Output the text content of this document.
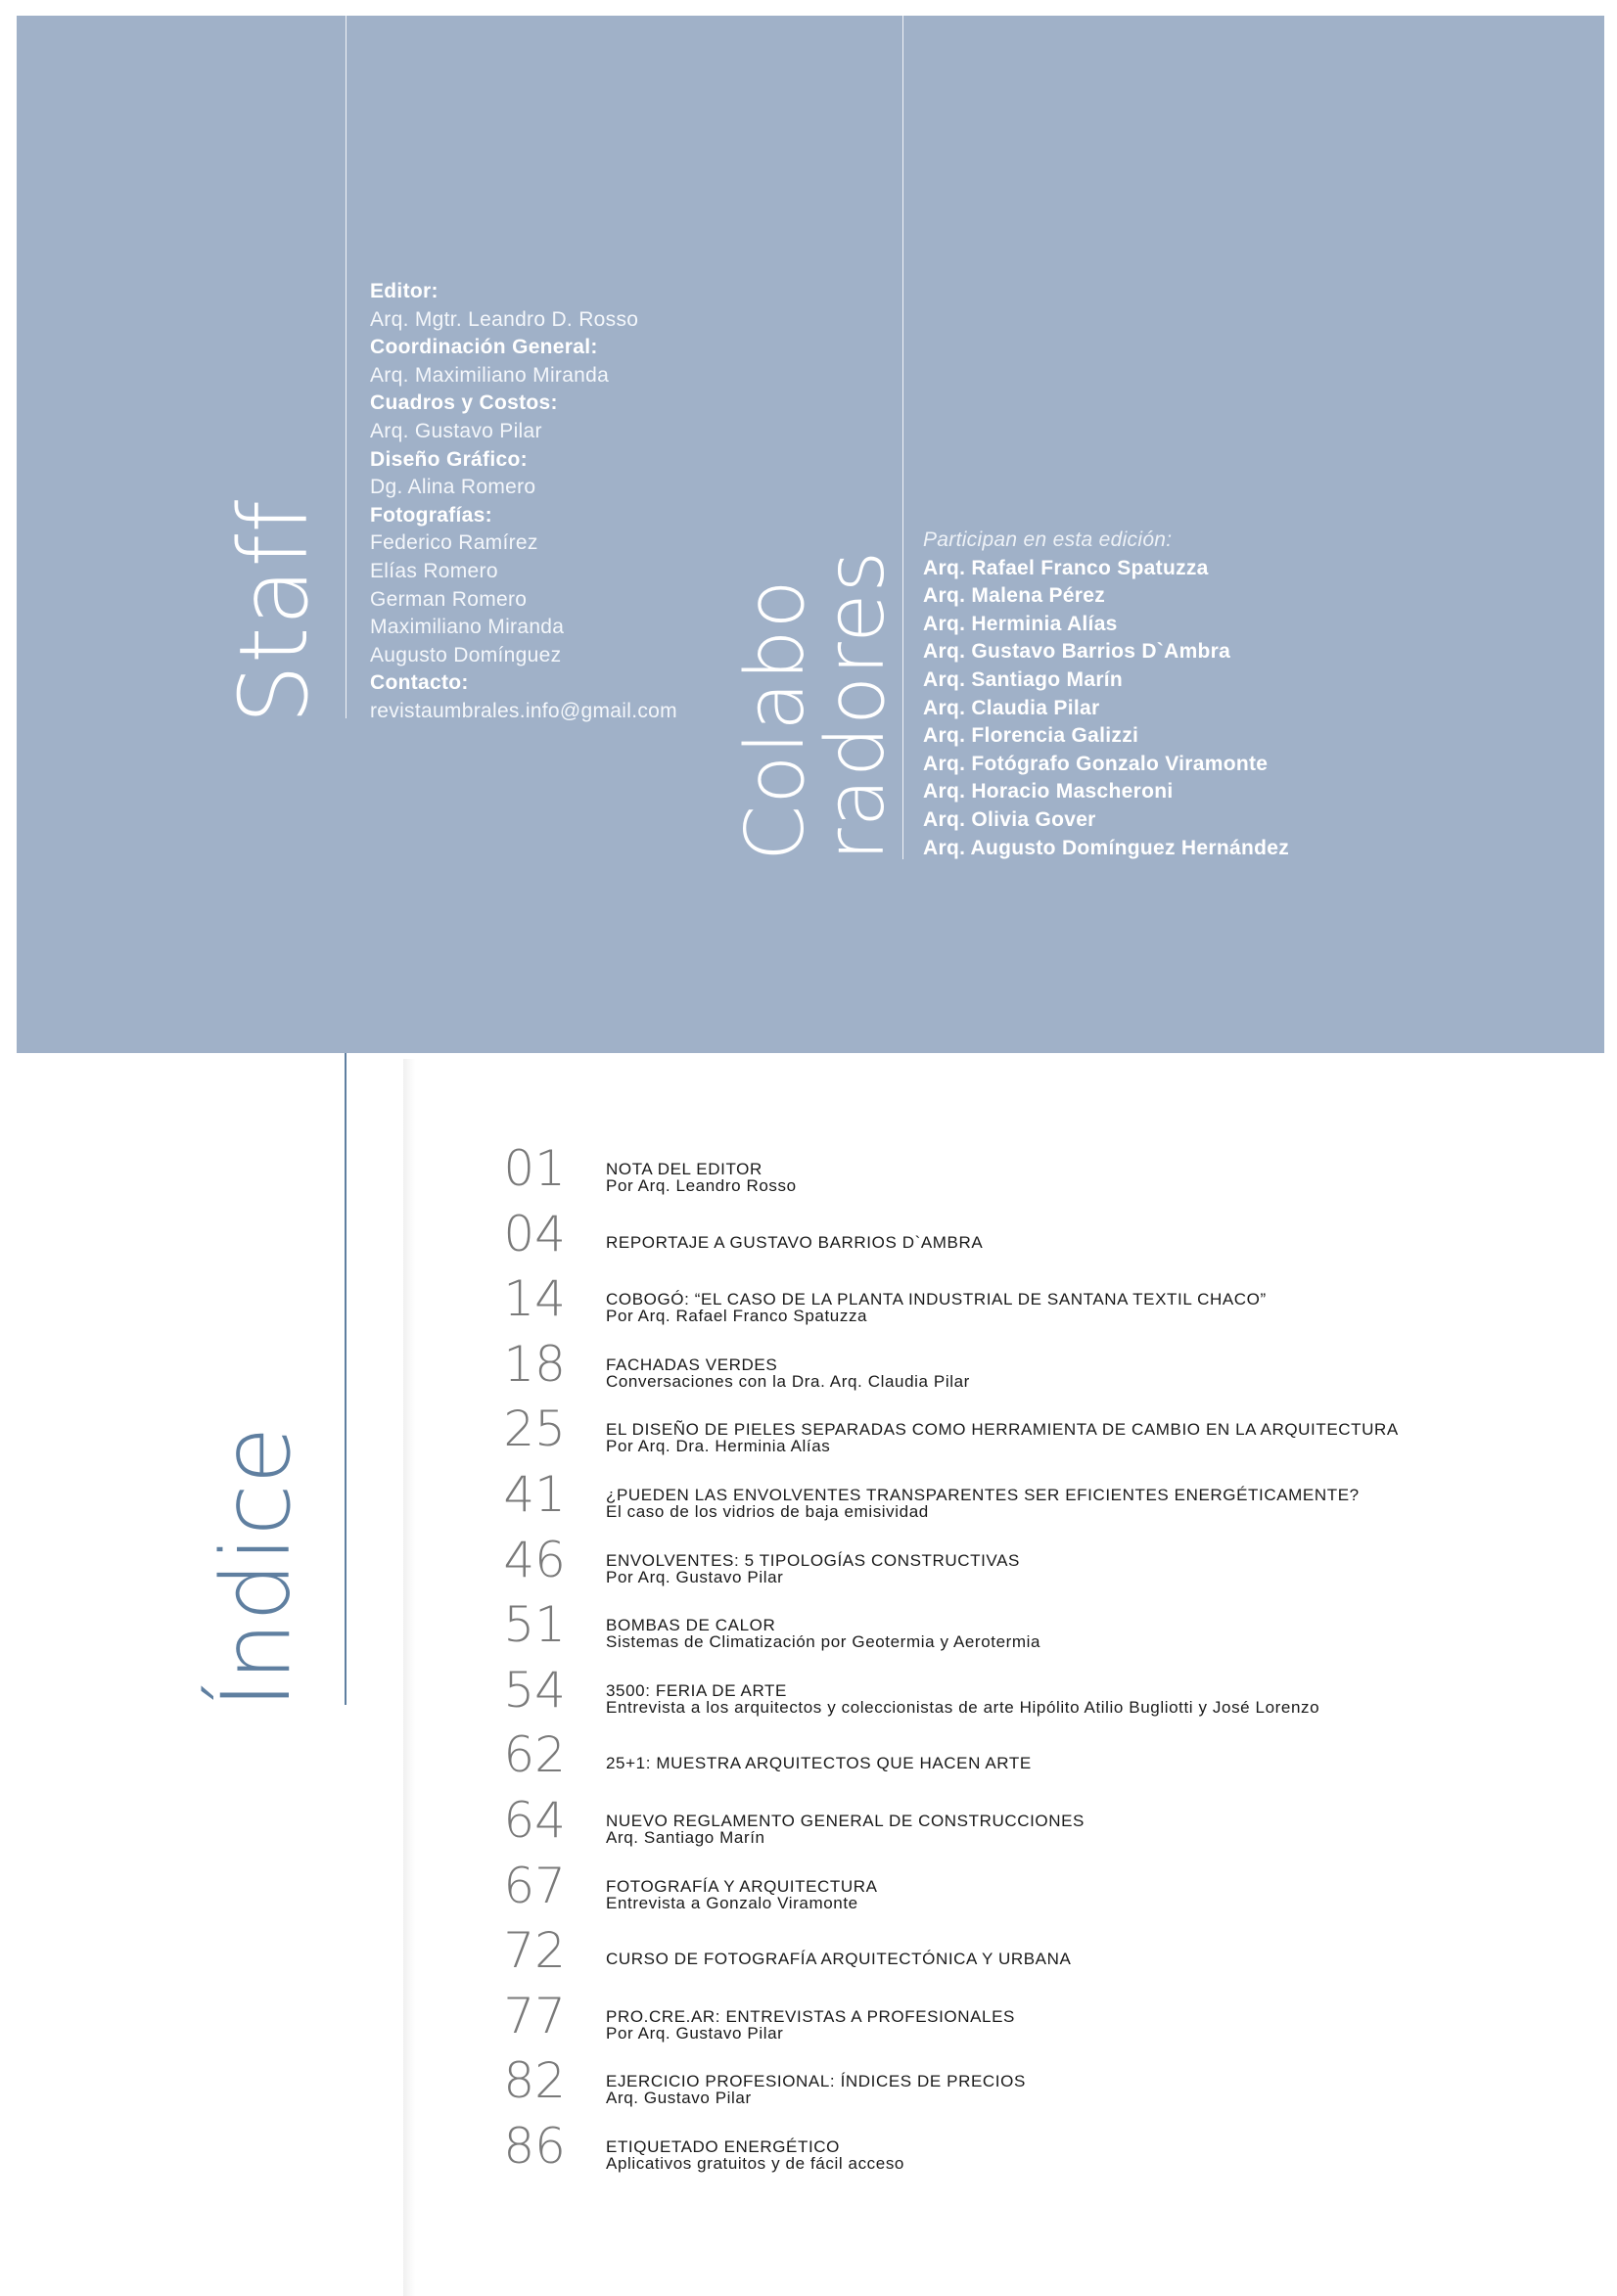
Staff
Editor:
Arq. Mgtr. Leandro D. Rosso
Coordinación General:
Arq. Maximiliano Miranda
Cuadros y Costos:
Arq. Gustavo Pilar
Diseño Gráfico:
Dg. Alina Romero
Fotografías:
Federico Ramírez
Elías Romero
German Romero
Maximiliano Miranda
Augusto Domínguez
Contacto:
revistaumbrales.info@gmail.com Colabo
radores
Participan en esta edición:
Arq. Rafael Franco Spatuzza
Arq. Malena Pérez
Arq. Herminia Alías
Arq. Gustavo Barrios D`Ambra
Arq. Santiago Marín
Arq. Claudia Pilar
Arq. Florencia Galizzi
Arq. Fotógrafo Gonzalo Viramonte
Arq. Horacio Mascheroni
Arq. Olivia Gover
Arq. Augusto Domínguez Hernández
Índice
01 NOTA DEL EDITOR
Por Arq. Leandro Rosso
04 REPORTAJE A GUSTAVO BARRIOS D`AMBRA
14 COBOGÓ: “EL CASO DE LA PLANTA INDUSTRIAL DE SANTANA TEXTIL CHACO”
Por Arq. Rafael Franco Spatuzza
18 FACHADAS VERDES
Conversaciones con la Dra. Arq. Claudia Pilar
25 EL DISEÑO DE PIELES SEPARADAS COMO HERRAMIENTA DE CAMBIO EN LA ARQUITECTURA
Por Arq. Dra. Herminia Alías
41 ¿PUEDEN LAS ENVOLVENTES TRANSPARENTES SER EFICIENTES ENERGÉTICAMENTE?
El caso de los vidrios de baja emisividad
46 ENVOLVENTES: 5 TIPOLOGÍAS CONSTRUCTIVAS
Por Arq. Gustavo Pilar
51 BOMBAS DE CALOR
Sistemas de Climatización por Geotermia y Aerotermia
54 3500: FERIA DE ARTE
Entrevista a los arquitectos y coleccionistas de arte Hipólito Atilio Bugliotti y José Lorenzo
62 25+1: MUESTRA ARQUITECTOS QUE HACEN ARTE
64 NUEVO REGLAMENTO GENERAL DE CONSTRUCCIONES
Arq. Santiago Marín
67 FOTOGRAFÍA Y ARQUITECTURA
Entrevista a Gonzalo Viramonte
72 CURSO DE FOTOGRAFÍA ARQUITECTÓNICA Y URBANA
77 PRO.CRE.AR: ENTREVISTAS A PROFESIONALES
Por Arq. Gustavo Pilar
82 EJERCICIO PROFESIONAL: ÍNDICES DE PRECIOS
Arq. Gustavo Pilar
86 ETIQUETADO ENERGÉTICO
Aplicativos gratuitos y de fácil acceso
